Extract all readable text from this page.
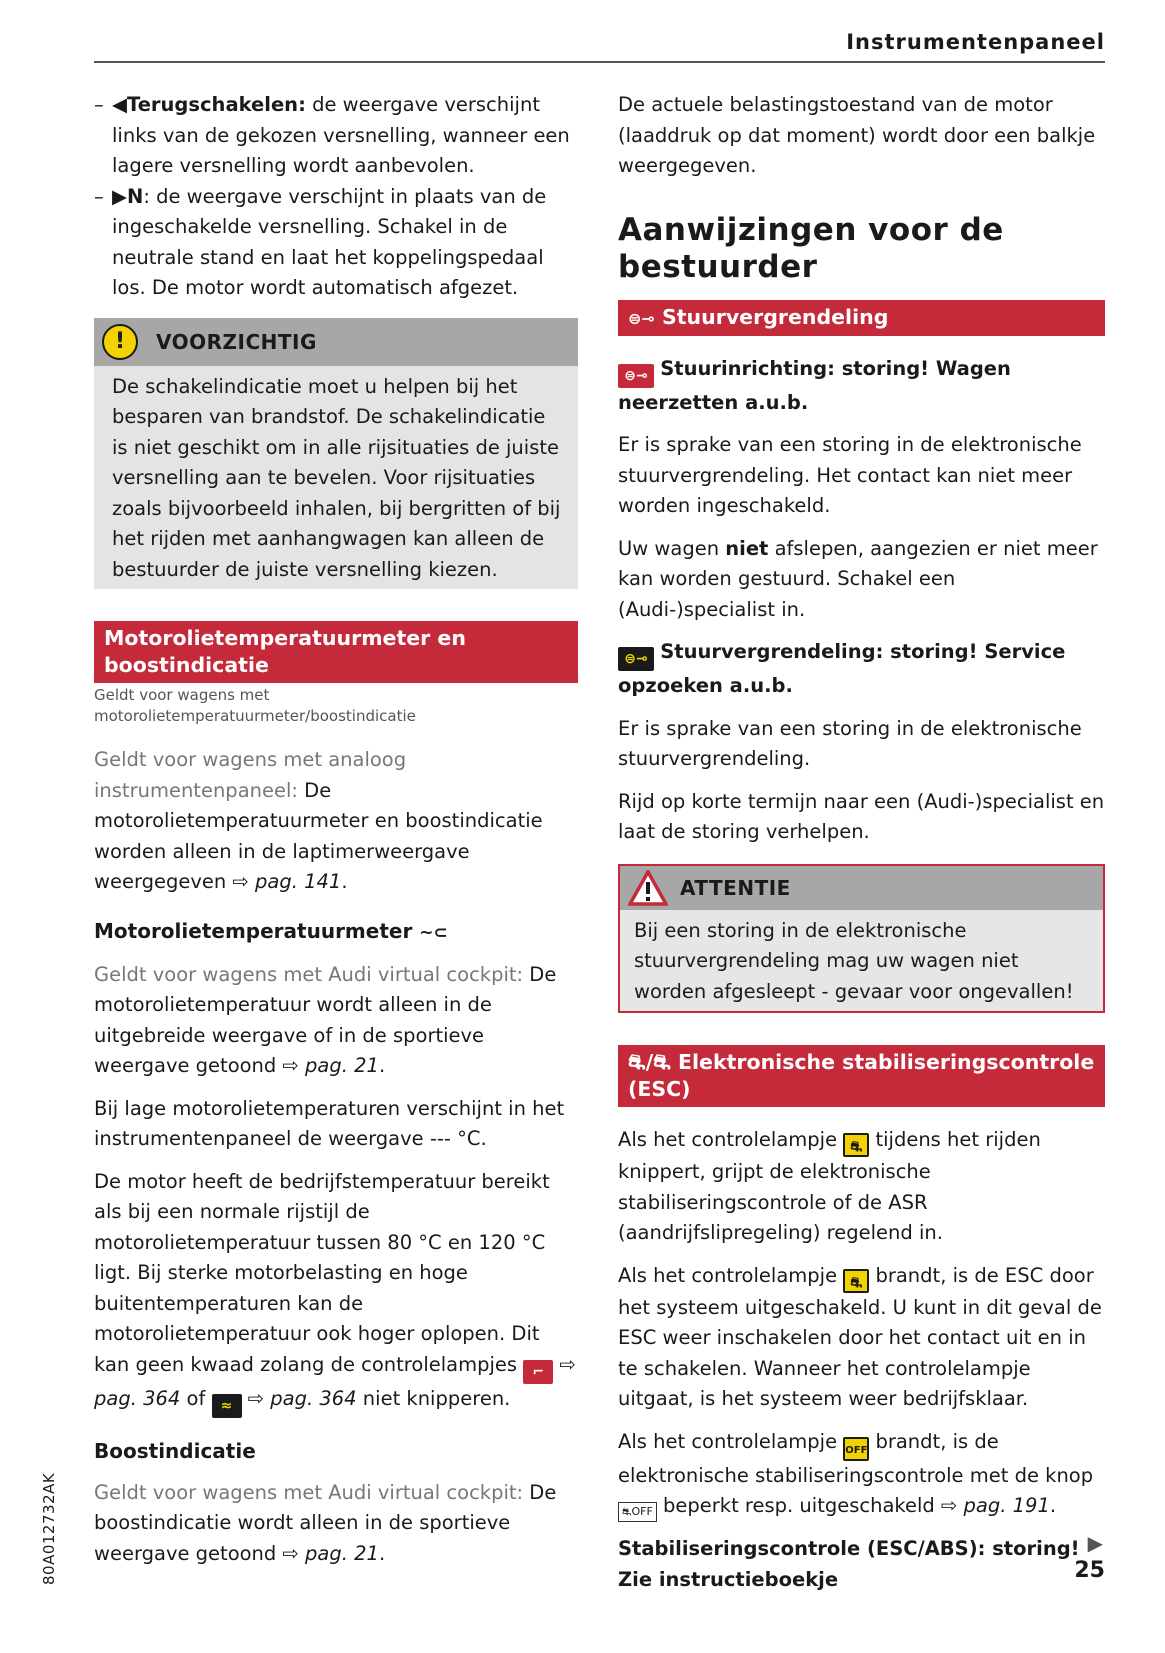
Instrumentenpaneel
– ◀Terugschakelen: de weergave verschijnt links van de gekozen versnelling, wanneer een lagere versnelling wordt aanbevolen.
– ▶N: de weergave verschijnt in plaats van de ingeschakelde versnelling. Schakel in de neutrale stand en laat het koppelingspedaal los. De motor wordt automatisch afgezet.
!	VOORZICHTIG

De schakelindicatie moet u helpen bij het besparen van brandstof. De schakelindicatie is niet geschikt om in alle rijsituaties de juiste versnelling aan te bevelen. Voor rijsituaties zoals bijvoorbeeld inhalen, bij bergritten of bij het rijden met aanhangwagen kan alleen de bestuurder de juiste versnelling kiezen.

Motorolietemperatuurmeter en boostindicatie
Geldt voor wagens met motorolietemperatuurmeter/boostindicatie

Geldt voor wagens met analoog instrumentenpaneel: De motorolietemperatuurmeter en boostindicatie worden alleen in de laptimerweergave weergegeven ⇨ pag. 141.

Motorolietemperatuurmeter ~⊂

Geldt voor wagens met Audi virtual cockpit: De motorolietemperatuur wordt alleen in de uitgebreide weergave of in de sportieve weergave getoond ⇨ pag. 21.

Bij lage motorolietemperaturen verschijnt in het instrumentenpaneel de weergave --- °C.

De motor heeft de bedrijfstemperatuur bereikt als bij een normale rijstijl de motorolietemperatuur tussen 80 °C en 120 °C ligt. Bij sterke motorbelasting en hoge buitentemperaturen kan de motorolietemperatuur ook hoger oplopen. Dit kan geen kwaad zolang de controlelampjes ⌐ ⇨ pag. 364 of ≈ ⇨ pag. 364 niet knipperen.

Boostindicatie

Geldt voor wagens met Audi virtual cockpit: De boostindicatie wordt alleen in de sportieve weergave getoond ⇨ pag. 21.

De actuele belastingstoestand van de motor (laaddruk op dat moment) wordt door een balkje weergegeven.

Aanwijzingen voor de bestuurder
⊜⊸ Stuurvergrendeling

⊜⊸ Stuurinrichting: storing! Wagen neerzetten a.u.b.

Er is sprake van een storing in de elektronische stuurvergrendeling. Het contact kan niet meer worden ingeschakeld.

Uw wagen niet afslepen, aangezien er niet meer kan worden gestuurd. Schakel een (Audi-)specialist in.

⊜⊸ Stuurvergrendeling: storing! Service opzoeken a.u.b.

Er is sprake van een storing in de elektronische stuurvergrendeling.

Rijd op korte termijn naar een (Audi-)specialist en laat de storing verhelpen.

ATTENTIE

Bij een storing in de elektronische stuurvergrendeling mag uw wagen niet worden afgesleept - gevaar voor ongevallen!

⛐/⛐ Elektronische stabiliseringscontrole (ESC)

Als het controlelampje ⛐ tijdens het rijden knippert, grijpt de elektronische stabiliseringscontrole of de ASR (aandrijfslipregeling) regelend in.

Als het controlelampje ⛐ brandt, is de ESC door het systeem uitgeschakeld. U kunt in dit geval de ESC weer inschakelen door het contact uit en in te schakelen. Wanneer het controlelampje uitgaat, is het systeem weer bedrijfsklaar.

Als het controlelampje OFF brandt, is de elektronische stabiliseringscontrole met de knop ⛐OFF beperkt resp. uitgeschakeld ⇨ pag. 191.

Stabiliseringscontrole (ESC/ABS): storing! Zie instructieboekje

▶
80A012732AK	25
